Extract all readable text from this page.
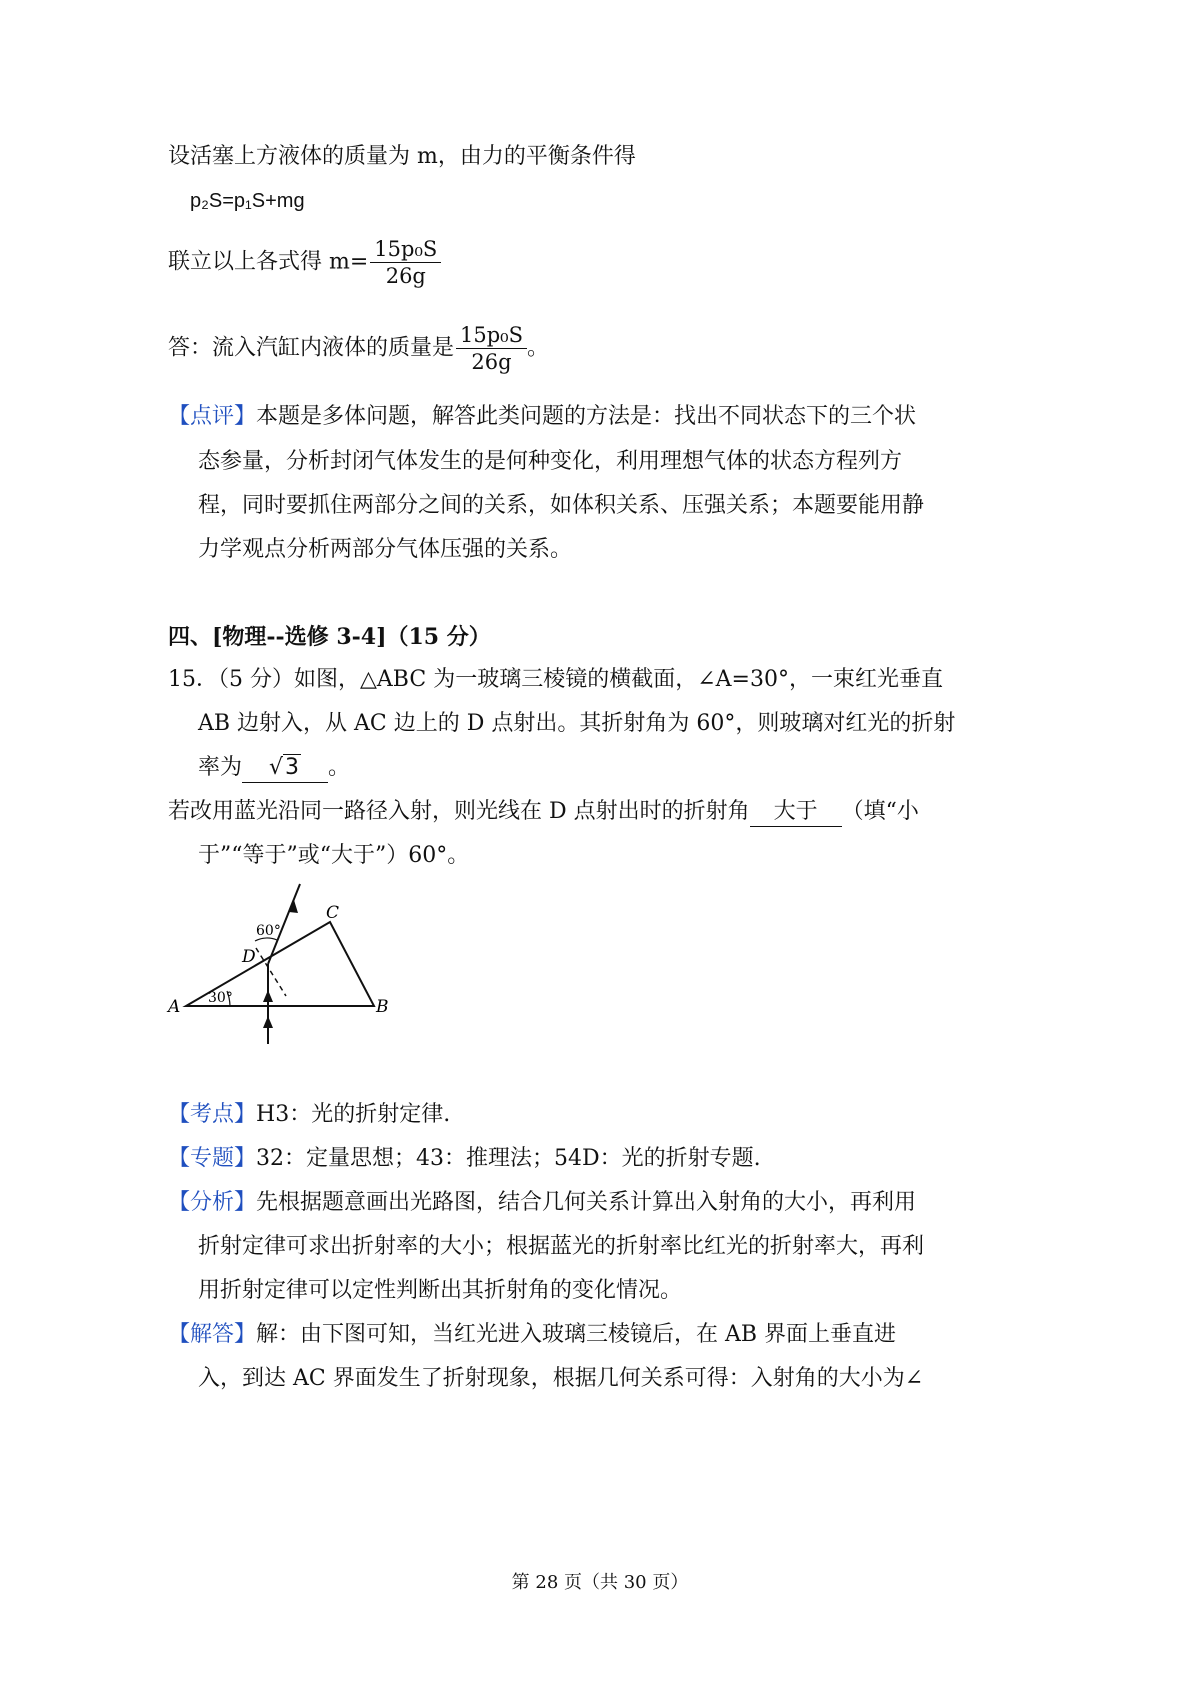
设活塞上方液体的质量为 m，由力的平衡条件得
p₂S=p₁S+mg
联立以上各式得 $m= \frac{\text{15p₀S}}{26g}$
答：流入汽缸内液体的质量是 $\frac{\text{15p₀S}}{26g}$ 。
【点评】本题是多体问题，解答此类问题的方法是：找出不同状态下的三个状
态参量，分析封闭气体发生的是何种变化，利用理想气体的状态方程列方
程，同时要抓住两部分之间的关系，如体积关系、压强关系；本题要能用静
力学观点分析两部分气体压强的关系。
四、[物理--选修 3-4]（15 分）
15．（5 分）如图，△ABC 为一玻璃三棱镜的横截面，∠A=30°，一束红光垂直
AB 边射入，从 AC 边上的 D 点射出。其折射角为 60°，则玻璃对红光的折射
率为 √3 。
若改用蓝光沿同一路径入射，则光线在 D 点射出时的折射角 大于 （填“小
于”“等于”或“大于”）60°。
A	B
C
D
30°
60°
【考点】H3：光的折射定律.
【专题】32：定量思想；43：推理法；54D：光的折射专题.
【分析】先根据题意画出光路图，结合几何关系计算出入射角的大小，再利用
折射定律可求出折射率的大小；根据蓝光的折射率比红光的折射率大，再利
用折射定律可以定性判断出其折射角的变化情况。
【解答】解：由下图可知，当红光进入玻璃三棱镜后，在 AB 界面上垂直进
入，到达 AC 界面发生了折射现象，根据几何关系可得：入射角的大小为∠
第 28 页（共 30 页）
